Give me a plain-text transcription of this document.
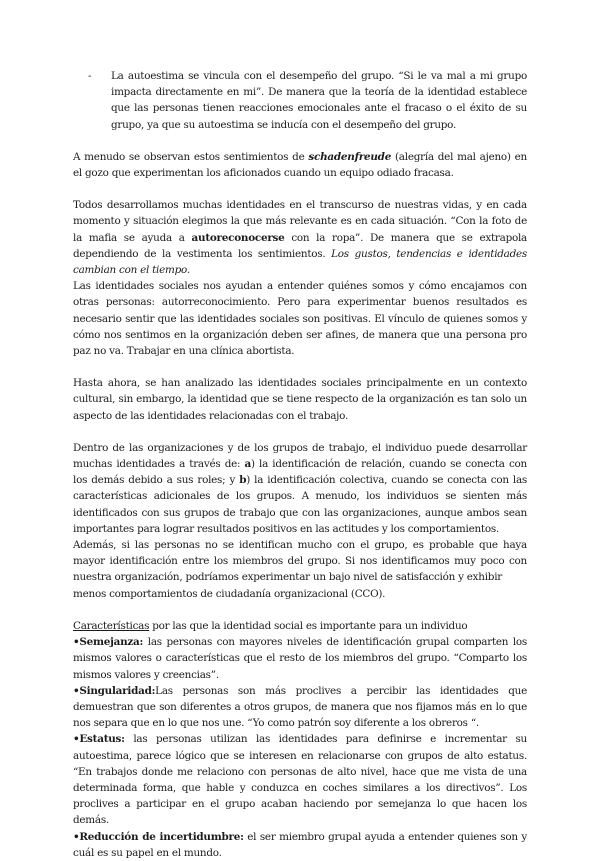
- La autoestima se vincula con el desempeño del grupo. “Si le va mal a mi grupo impacta directamente en mi”. De manera que la teoría de la identidad establece que las personas tienen reacciones emocionales ante el fracaso o el éxito de su grupo, ya que su autoestima se inducía con el desempeño del grupo.

A menudo se observan estos sentimientos de schadenfreude (alegría del mal ajeno) en el gozo que experimentan los aficionados cuando un equipo odiado fracasa.

Todos desarrollamos muchas identidades en el transcurso de nuestras vidas, y en cada momento y situación elegimos la que más relevante es en cada situación. “Con la foto de la mafia se ayuda a autoreconocerse con la ropa”. De manera que se extrapola dependiendo de la vestimenta los sentimientos. Los gustos, tendencias e identidades cambian con el tiempo.

Las identidades sociales nos ayudan a entender quiénes somos y cómo encajamos con otras personas: autorreconocimiento. Pero para experimentar buenos resultados es necesario sentir que las identidades sociales son positivas. El vínculo de quienes somos y cómo nos sentimos en la organización deben ser afines, de manera que una persona pro paz no va. Trabajar en una clínica abortista.

Hasta ahora, se han analizado las identidades sociales principalmente en un contexto cultural, sin embargo, la identidad que se tiene respecto de la organización es tan solo un aspecto de las identidades relacionadas con el trabajo.

Dentro de las organizaciones y de los grupos de trabajo, el individuo puede desarrollar muchas identidades a través de: a) la identificación de relación, cuando se conecta con los demás debido a sus roles; y b) la identificación colectiva, cuando se conecta con las características adicionales de los grupos. A menudo, los individuos se sienten más identificados con sus grupos de trabajo que con las organizaciones, aunque ambos sean importantes para lograr resultados positivos en las actitudes y los comportamientos.

Además, si las personas no se identifican mucho con el grupo, es probable que haya mayor identificación entre los miembros del grupo. Si nos identificamos muy poco con nuestra organización, podríamos experimentar un bajo nivel de satisfacción y exhibir

menos comportamientos de ciudadanía organizacional (CCO).

Características por las que la identidad social es importante para un individuo

•Semejanza: las personas con mayores niveles de identificación grupal comparten los mismos valores o características que el resto de los miembros del grupo. “Comparto los mismos valores y creencias”.

•Singularidad:Las personas son más proclives a percibir las identidades que demuestran que son diferentes a otros grupos, de manera que nos fijamos más en lo que nos separa que en lo que nos une. “Yo como patrón soy diferente a los obreros “.

•Estatus: las personas utilizan las identidades para definirse e incrementar su autoestima, parece lógico que se interesen en relacionarse con grupos de alto estatus. “En trabajos donde me relaciono con personas de alto nivel, hace que me vista de una determinada forma, que hable y conduzca en coches similares a los directivos”. Los proclives a participar en el grupo acaban haciendo por semejanza lo que hacen los demás.

•Reducción de incertidumbre: el ser miembro grupal ayuda a entender quienes son y cuál es su papel en el mundo.
